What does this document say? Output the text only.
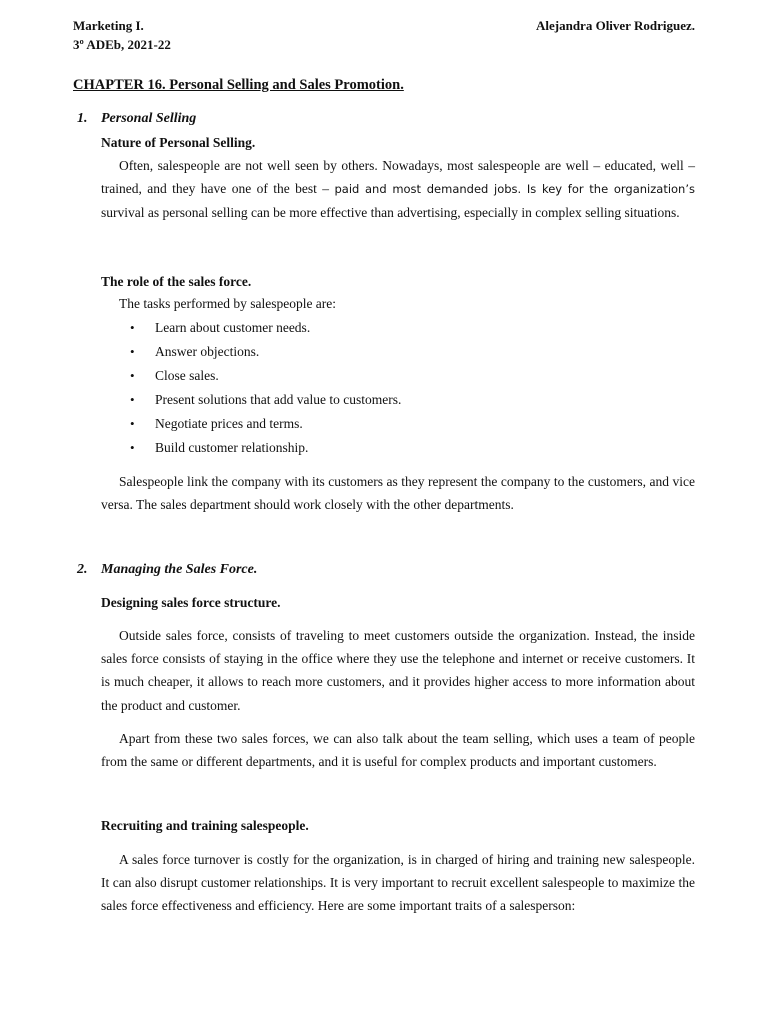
Marketing I.
3º ADEb, 2021-22
Alejandra Oliver Rodriguez.
CHAPTER 16. Personal Selling and Sales Promotion.
1. Personal Selling
Nature of Personal Selling.
Often, salespeople are not well seen by others. Nowadays, most salespeople are well – educated, well – trained, and they have one of the best – paid and most demanded jobs. Is key for the organization’s survival as personal selling can be more effective than advertising, especially in complex selling situations.
The role of the sales force.
The tasks performed by salespeople are:
• Learn about customer needs.
• Answer objections.
• Close sales.
• Present solutions that add value to customers.
• Negotiate prices and terms.
• Build customer relationship.
Salespeople link the company with its customers as they represent the company to the customers, and vice versa. The sales department should work closely with the other departments.
2. Managing the Sales Force.
Designing sales force structure.
Outside sales force, consists of traveling to meet customers outside the organization. Instead, the inside sales force consists of staying in the office where they use the telephone and internet or receive customers. It is much cheaper, it allows to reach more customers, and it provides higher access to more information about the product and customer.
Apart from these two sales forces, we can also talk about the team selling, which uses a team of people from the same or different departments, and it is useful for complex products and important customers.
Recruiting and training salespeople.
A sales force turnover is costly for the organization, is in charged of hiring and training new salespeople. It can also disrupt customer relationships. It is very important to recruit excellent salespeople to maximize the sales force effectiveness and efficiency. Here are some important traits of a salesperson:
